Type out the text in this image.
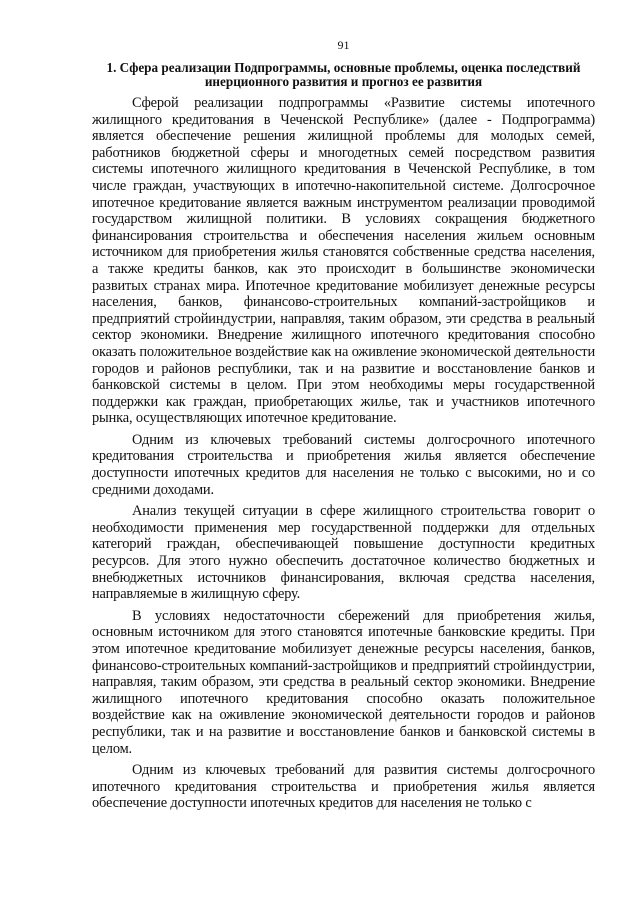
91
1. Сфера реализации Подпрограммы, основные проблемы, оценка последствий инерционного развития и прогноз ее развития

Сферой реализации подпрограммы «Развитие системы ипотечного жилищного кредитования в Чеченской Республике» (далее - Подпрограмма) является обеспечение решения жилищной проблемы для молодых семей, работников бюджетной сферы и многодетных семей посредством развития системы ипотечного жилищного кредитования в Чеченской Республике, в том числе граждан, участвующих в ипотечно-накопительной системе. Долгосрочное ипотечное кредитование является важным инструментом реализации проводимой государством жилищной политики. В условиях сокращения бюджетного финансирования строительства и обеспечения населения жильем основным источником для приобретения жилья становятся собственные средства населения, а также кредиты банков, как это происходит в большинстве экономически развитых странах мира. Ипотечное кредитование мобилизует денежные ресурсы населения, банков, финансово-строительных компаний-застройщиков и предприятий стройиндустрии, направляя, таким образом, эти средства в реальный сектор экономики. Внедрение жилищного ипотечного кредитования способно оказать положительное воздействие как на оживление экономической деятельности городов и районов республики, так и на развитие и восстановление банков и банковской системы в целом. При этом необходимы меры государственной поддержки как граждан, приобретающих жилье, так и участников ипотечного рынка, осуществляющих ипотечное кредитование.

Одним из ключевых требований системы долгосрочного ипотечного кредитования строительства и приобретения жилья является обеспечение доступности ипотечных кредитов для населения не только с высокими, но и со средними доходами.

Анализ текущей ситуации в сфере жилищного строительства говорит о необходимости применения мер государственной поддержки для отдельных категорий граждан, обеспечивающей повышение доступности кредитных ресурсов. Для этого нужно обеспечить достаточное количество бюджетных и внебюджетных источников финансирования, включая средства населения, направляемые в жилищную сферу.

В условиях недостаточности сбережений для приобретения жилья, основным источником для этого становятся ипотечные банковские кредиты. При этом ипотечное кредитование мобилизует денежные ресурсы населения, банков, финансово-строительных компаний-застройщиков и предприятий стройиндустрии, направляя, таким образом, эти средства в реальный сектор экономики. Внедрение жилищного ипотечного кредитования способно оказать положительное воздействие как на оживление экономической деятельности городов и районов республики, так и на развитие и восстановление банков и банковской системы в целом.

Одним из ключевых требований для развития системы долгосрочного ипотечного кредитования строительства и приобретения жилья является обеспечение доступности ипотечных кредитов для населения не только с
